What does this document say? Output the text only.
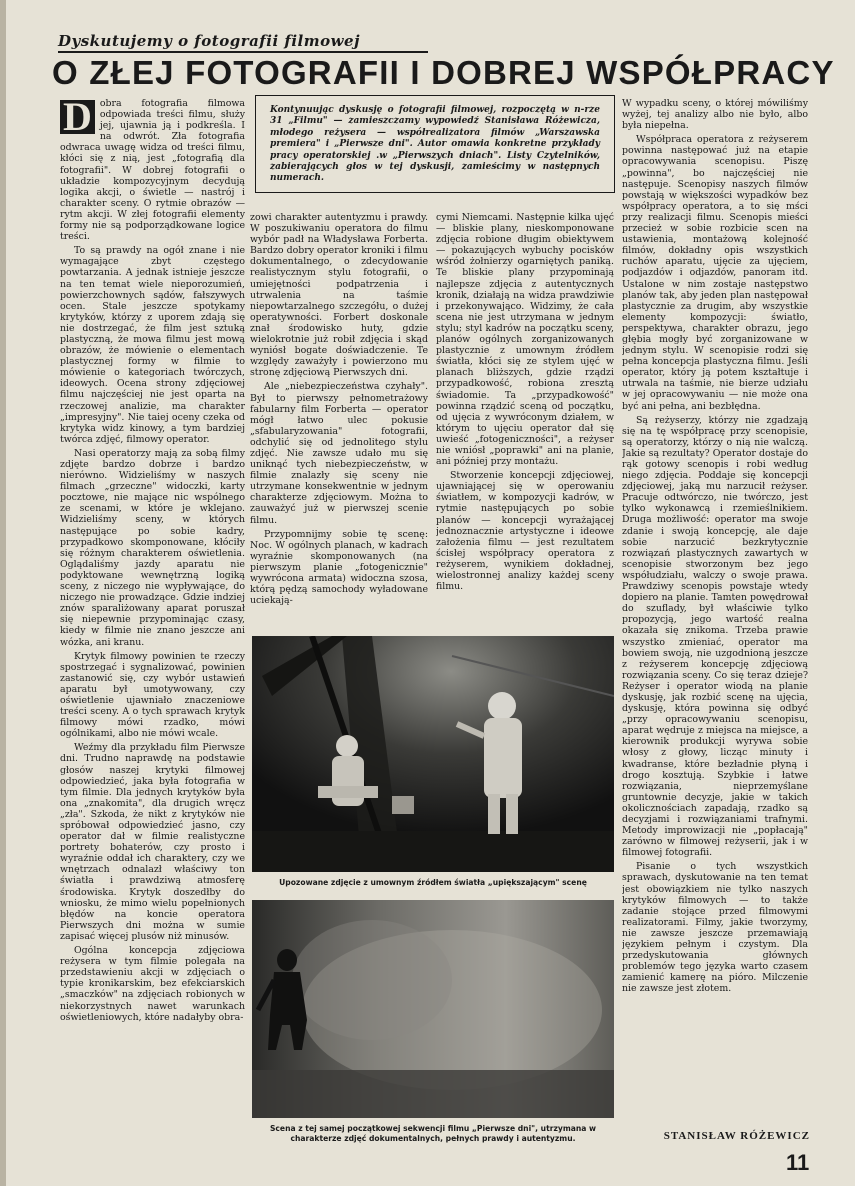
Dyskutujemy o fotografii filmowej
O ZŁEJ FOTOGRAFII I DOBREJ WSPÓŁPRACY

D obra fotografia filmowa odpowiada treści filmu, służy jej, ujawnia ją i podkreśla. I na odwrót. Zła fotografia odwraca uwagę widza od treści filmu, kłóci się z nią, jest „fotografią dla fotografii". W dobrej fotografii o układzie kompozycyjnym decydują logika akcji, o świetle — nastrój i charakter sceny. O rytmie obrazów — rytm akcji. W złej fotografii elementy formy nie są podporządkowane logice treści.

To są prawdy na ogół znane i nie wymagające zbyt częstego powtarzania. A jednak istnieje jeszcze na ten temat wiele nieporozumień, powierzchownych sądów, fałszywych ocen. Stale jeszcze spotykamy krytyków, którzy z uporem zdają się nie dostrzegać, że film jest sztuką plastyczną, że mowa filmu jest mową obrazów, że mówienie o elementach plastycznej formy w filmie to mówienie o kategoriach twórczych, ideowych. Ocena strony zdjęciowej filmu najczęściej nie jest oparta na rzeczowej analizie, ma charakter „impresyjny". Nie taiej oceny czeka od krytyka widz kinowy, a tym bardziej twórca zdjęć, filmowy operator.

Nasi operatorzy mają za sobą filmy zdjęte bardzo dobrze i bardzo nierówno. Widzieliśmy w naszych filmach „grzeczne" widoczki, karty pocztowe, nie mające nic wspólnego ze scenami, w które je wklejano. Widzieliśmy sceny, w których następujące po sobie kadry, przypadkowo skomponowane, kłóciły się różnym charakterem oświetlenia. Oglądaliśmy jazdy aparatu nie podyktowane wewnętrzną logiką sceny, z niczego nie wypływające, do niczego nie prowadzące. Gdzie indziej znów sparaliżowany aparat poruszał się niepewnie przypominając czasy, kiedy w filmie nie znano jeszcze ani wózka, ani kranu.

Krytyk filmowy powinien te rzeczy spostrzegać i sygnalizować, powinien zastanowić się, czy wybór ustawień aparatu był umotywowany, czy oświetlenie ujawniało znaczeniowe treści sceny. A o tych sprawach krytyk filmowy mówi rzadko, mówi ogólnikami, albo nie mówi wcale.

Weźmy dla przykładu film Pierwsze dni. Trudno naprawdę na podstawie głosów naszej krytyki filmowej odpowiedzieć, jaka była fotografia w tym filmie. Dla jednych krytyków była ona „znakomita", dla drugich wręcz „zła". Szkoda, że nikt z krytyków nie spróbował odpowiedzieć jasno, czy operator dał w filmie realistyczne portrety bohaterów, czy prosto i wyraźnie oddał ich charaktery, czy we wnętrzach odnalazł właściwy ton światła i prawdziwą atmosferę środowiska. Krytyk doszedłby do wniosku, że mimo wielu popełnionych błędów na koncie operatora Pierwszych dni można w sumie zapisać więcej plusów niż minusów.

Ogólna koncepcja zdjęciowa reżysera w tym filmie polegała na przedstawieniu akcji w zdjęciach o typie kronikarskim, bez efekciarskich „smaczków" na zdjęciach robionych w niekorzystnych nawet warunkach oświetleniowych, które nadałyby obra-

Kontynuując dyskusję o fotografii filmowej, rozpoczętą w n-rze 31 „Filmu" — zamieszczamy wypowiedź Stanisława Różewicza, młodego reżysera — współrealizatora filmów „Warszawska premiera" i „Pierwsze dni". Autor omawia konkretne przykłady pracy operatorskiej .w „Pierwszych dniach". Listy Czytelników, zabierających głos w tej dyskusji, zamieścimy w następnych numerach.

zowi charakter autentyzmu i prawdy. W poszukiwaniu operatora do filmu wybór padł na Władysława Forberta. Bardzo dobry operator kroniki i filmu dokumentalnego, o zdecydowanie realistycznym stylu fotografii, o umiejętności podpatrzenia i utrwalenia na taśmie niepowtarzalnego szczegółu, o dużej operatywności. Forbert doskonale znał środowisko huty, gdzie wielokrotnie już robił zdjęcia i skąd wyniósł bogate doświadczenie. Te względy zaważyły i powierzono mu stronę zdjęciową Pierwszych dni.

Ale „niebezpieczeństwa czyhały". Był to pierwszy pełnometrażowy fabularny film Forberta — operator mógł łatwo ulec pokusie „sfabularyzowania" fotografii, odchylić się od jednolitego stylu zdjęć. Nie zawsze udało mu się uniknąć tych niebezpieczeństw, w filmie znalazły się sceny nie utrzymane konsekwentnie w jednym charakterze zdjęciowym. Można to zauważyć już w pierwszej scenie filmu.

Przypomnijmy sobie tę scenę: Noc. W ogólnych planach, w kadrach wyraźnie skomponowanych (na pierwszym planie „fotogenicznie" wywrócona armata) widoczna szosa, którą pędzą samochody wyładowane uciekają-

cymi Niemcami. Następnie kilka ujęć — bliskie plany, nieskomponowane zdjęcia robione długim obiektywem — pokazujących wybuchy pocisków wśród żołnierzy ogarniętych paniką. Te bliskie plany przypominają najlepsze zdjęcia z autentycznych kronik, działają na widza prawdziwie i przekonywająco. Widzimy, że cała scena nie jest utrzymana w jednym stylu; styl kadrów na początku sceny, planów ogólnych zorganizowanych plastycznie z umownym źródłem światła, kłóci się ze stylem ujęć w planach bliższych, gdzie rządzi przypadkowość, robiona zresztą świadomie. Ta „przypadkowość" powinna rządzić sceną od początku, od ujęcia z wywróconym działem, w którym to ujęciu operator dał się uwieść „fotogeniczności", a reżyser nie wniósł „poprawki" ani na planie, ani później przy montażu.

Stworzenie koncepcji zdjęciowej, ujawniającej się w operowaniu światłem, w kompozycji kadrów, w rytmie następujących po sobie planów — koncepcji wyrażającej jednoznacznie artystyczne i ideowe założenia filmu — jest rezultatem ścisłej współpracy operatora z reżyserem, wynikiem dokładnej, wielostronnej analizy każdej sceny filmu.

Upozowane zdjęcie z umownym źródłem światła „upiększającym" scenę
Scena z tej samej początkowej sekwencji filmu „Pierwsze dni", utrzymana w charakterze zdjęć dokumentalnych, pełnych prawdy i autentyzmu.

W wypadku sceny, o której mówiliśmy wyżej, tej analizy albo nie było, albo była niepełna.

Współpraca operatora z reżyserem powinna następować już na etapie opracowywania scenopisu. Piszę „powinna", bo najczęściej nie następuje. Scenopisy naszych filmów powstają w większości wypadków bez współpracy operatora, a to się mści przy realizacji filmu. Scenopis mieści przecież w sobie rozbicie scen na ustawienia, montażową kolejność filmów, dokładny opis wszystkich ruchów aparatu, ujęcie za ujęciem, podjazdów i odjazdów, panoram itd. Ustalone w nim zostaje następstwo planów tak, aby jeden plan następował plastycznie za drugim, aby wszystkie elementy kompozycji: światło, perspektywa, charakter obrazu, jego głębia mogły być zorganizowane w jednym stylu. W scenopisie rodzi się pełna koncepcja plastyczna filmu. Jeśli operator, który ją potem kształtuje i utrwala na taśmie, nie bierze udziału w jej opracowywaniu — nie może ona być ani pełna, ani bezbłędna.

Są reżyserzy, którzy nie zgadzają się na tę współpracę przy scenopisie, są operatorzy, którzy o nią nie walczą. Jakie są rezultaty? Operator dostaje do rąk gotowy scenopis i robi według niego zdjęcia. Poddaje się koncepcji zdjęciowej, jaką mu narzucił reżyser. Pracuje odtwórczo, nie twórczo, jest tylko wykonawcą i rzemieślnikiem. Druga możliwość: operator ma swoje zdanie i swoją koncepcję, ale daje sobie narzucić bezkrytycznie rozwiązań plastycznych zawartych w scenopisie stworzonym bez jego współudziału, walczy o swoje prawa. Prawdziwy scenopis powstaje wtedy dopiero na planie. Tamten powędrował do szuflady, był właściwie tylko propozycją, jego wartość realna okazała się znikoma. Trzeba prawie wszystko zmieniać, operator ma bowiem swoją, nie uzgodnioną jeszcze z reżyserem koncepcję zdjęciową rozwiązania sceny. Co się teraz dzieje? Reżyser i operator wiodą na planie dyskusję, jak rozbić scenę na ujęcia, dyskusję, która powinna się odbyć „przy opracowywaniu scenopisu, aparat wędruje z miejsca na miejsce, a kierownik produkcji wyrywa sobie włosy z głowy, licząc minuty i kwadranse, które bezładnie płyną i drogo kosztują. Szybkie i łatwe rozwiązania, nieprzemyślane gruntownie decyzje, jakie w takich okolicznościach zapadają, rzadko są decyzjami i rozwiązaniami trafnymi. Metody improwizacji nie „popłacają" zarówno w filmowej reżyserii, jak i w filmowej fotografii.

Pisanie o tych wszystkich sprawach, dyskutowanie na ten temat jest obowiązkiem nie tylko naszych krytyków filmowych — to także zadanie stojące przed filmowymi realizatorami. Filmy, jakie tworzymy, nie zawsze jeszcze przemawiają językiem pełnym i czystym. Dla przedyskutowania głównych problemów tego języka warto czasem zamienić kamerę na pióro. Milczenie nie zawsze jest złotem.

STANISŁAW RÓŻEWICZ
11
